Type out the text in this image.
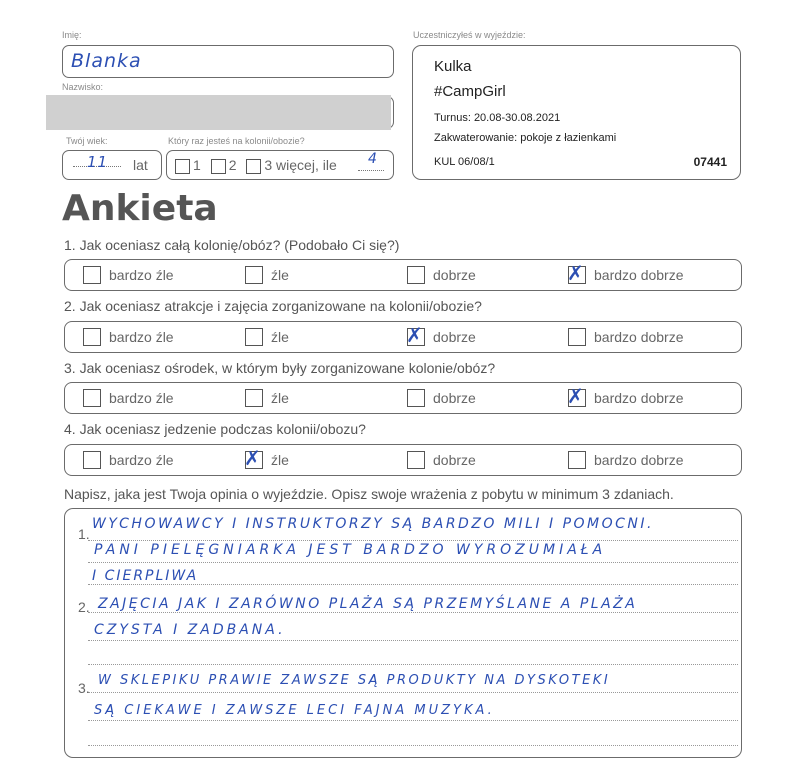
Imię:
Blanka
Nazwisko:
Twój wiek:
11 lat
Który raz jesteś na kolonii/obozie?
1 2 3 więcej, ile 4
Uczestniczyłeś w wyjeździe:
Kulka
#CampGirl
Turnus: 20.08-30.08.2021
Zakwaterowanie: pokoje z łazienkami
KUL 06/08/1	07441
Ankieta
1. Jak oceniasz całą kolonię/obóz? (Podobało Ci się?)
bardzo źle	źle	dobrze	✗ bardzo dobrze
2. Jak oceniasz atrakcje i zajęcia zorganizowane na kolonii/obozie?
bardzo źle	źle	✗ dobrze	bardzo dobrze
3. Jak oceniasz ośrodek, w którym były zorganizowane kolonie/obóz?
bardzo źle	źle	dobrze	✗ bardzo dobrze
4. Jak oceniasz jedzenie podczas kolonii/obozu?
bardzo źle	✗ źle	dobrze	bardzo dobrze
Napisz, jaka jest Twoja opinia o wyjeździe. Opisz swoje wrażenia z pobytu w minimum 3 zdaniach.
1.
2.
3.
WYCHOWAWCY I INSTRUKTORZY SĄ BARDZO MILI I POMOCNI.
PANI PIELĘGNIARKA JEST BARDZO WYROZUMIAŁA
I CIERPLIWA
ZAJĘCIA JAK I ZARÓWNO PLAŻA SĄ PRZEMYŚLANE A PLAŻA
CZYSTA I ZADBANA.
W SKLEPIKU PRAWIE ZAWSZE SĄ PRODUKTY NA DYSKOTEKI
SĄ CIEKAWE I ZAWSZE LECI FAJNA MUZYKA.
